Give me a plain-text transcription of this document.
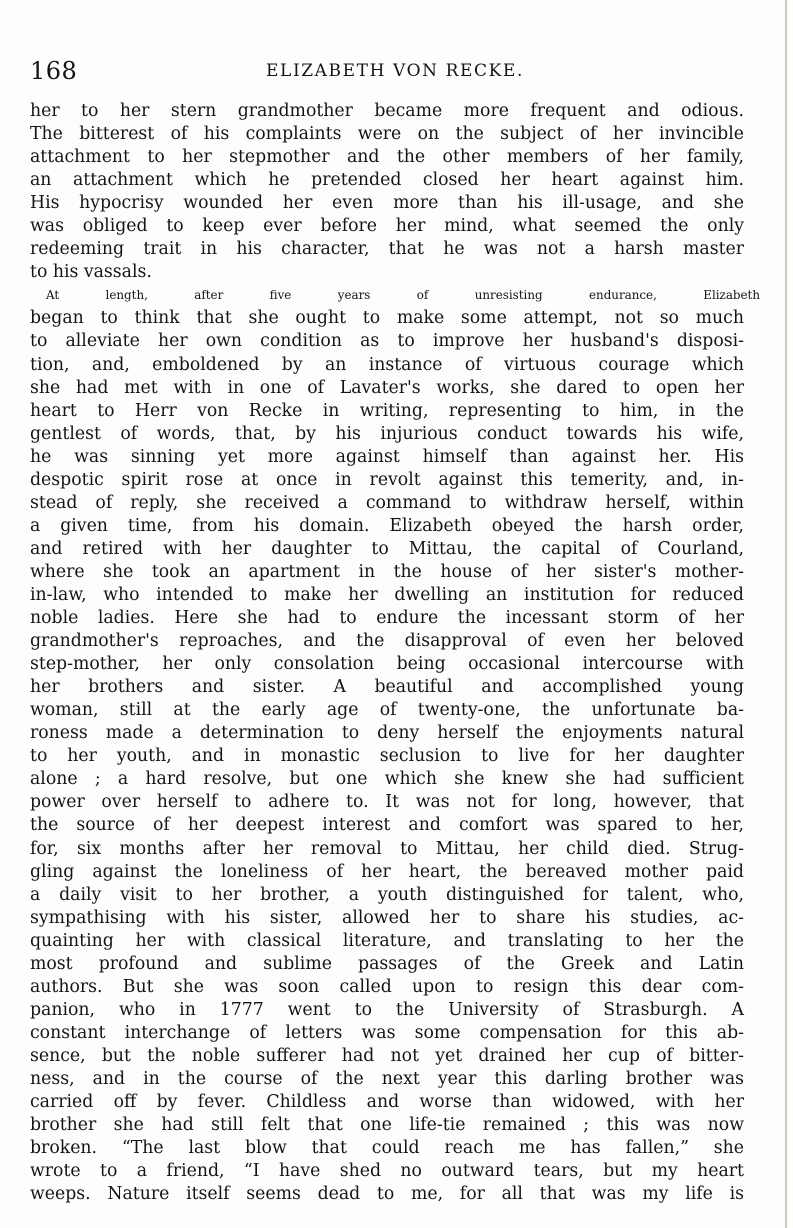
168	ELIZABETH VON RECKE.
her to her stern grandmother became more frequent and odious.
The bitterest of his complaints were on the subject of her invincible
attachment to her stepmother and the other members of her family,
an attachment which he pretended closed her heart against him.
His hypocrisy wounded her even more than his ill-usage, and she
was obliged to keep ever before her mind, what seemed the only
redeeming trait in his character, that he was not a harsh master
to his vassals.
At length, after five years of unresisting endurance, Elizabeth
began to think that she ought to make some attempt, not so much
to alleviate her own condition as to improve her husband's disposi-
tion, and, emboldened by an instance of virtuous courage which
she had met with in one of Lavater's works, she dared to open her
heart to Herr von Recke in writing, representing to him, in the
gentlest of words, that, by his injurious conduct towards his wife,
he was sinning yet more against himself than against her. His
despotic spirit rose at once in revolt against this temerity, and, in-
stead of reply, she received a command to withdraw herself, within
a given time, from his domain. Elizabeth obeyed the harsh order,
and retired with her daughter to Mittau, the capital of Courland,
where she took an apartment in the house of her sister's mother-
in-law, who intended to make her dwelling an institution for reduced
noble ladies. Here she had to endure the incessant storm of her
grandmother's reproaches, and the disapproval of even her beloved
step-mother, her only consolation being occasional intercourse with
her brothers and sister. A beautiful and accomplished young
woman, still at the early age of twenty-one, the unfortunate ba-
roness made a determination to deny herself the enjoyments natural
to her youth, and in monastic seclusion to live for her daughter
alone ; a hard resolve, but one which she knew she had sufficient
power over herself to adhere to. It was not for long, however, that
the source of her deepest interest and comfort was spared to her,
for, six months after her removal to Mittau, her child died. Strug-
gling against the loneliness of her heart, the bereaved mother paid
a daily visit to her brother, a youth distinguished for talent, who,
sympathising with his sister, allowed her to share his studies, ac-
quainting her with classical literature, and translating to her the
most profound and sublime passages of the Greek and Latin
authors. But she was soon called upon to resign this dear com-
panion, who in 1777 went to the University of Strasburgh. A
constant interchange of letters was some compensation for this ab-
sence, but the noble sufferer had not yet drained her cup of bitter-
ness, and in the course of the next year this darling brother was
carried off by fever. Childless and worse than widowed, with her
brother she had still felt that one life-tie remained ; this was now
broken. “The last blow that could reach me has fallen,” she
wrote to a friend, “I have shed no outward tears, but my heart
weeps. Nature itself seems dead to me, for all that was my life is
